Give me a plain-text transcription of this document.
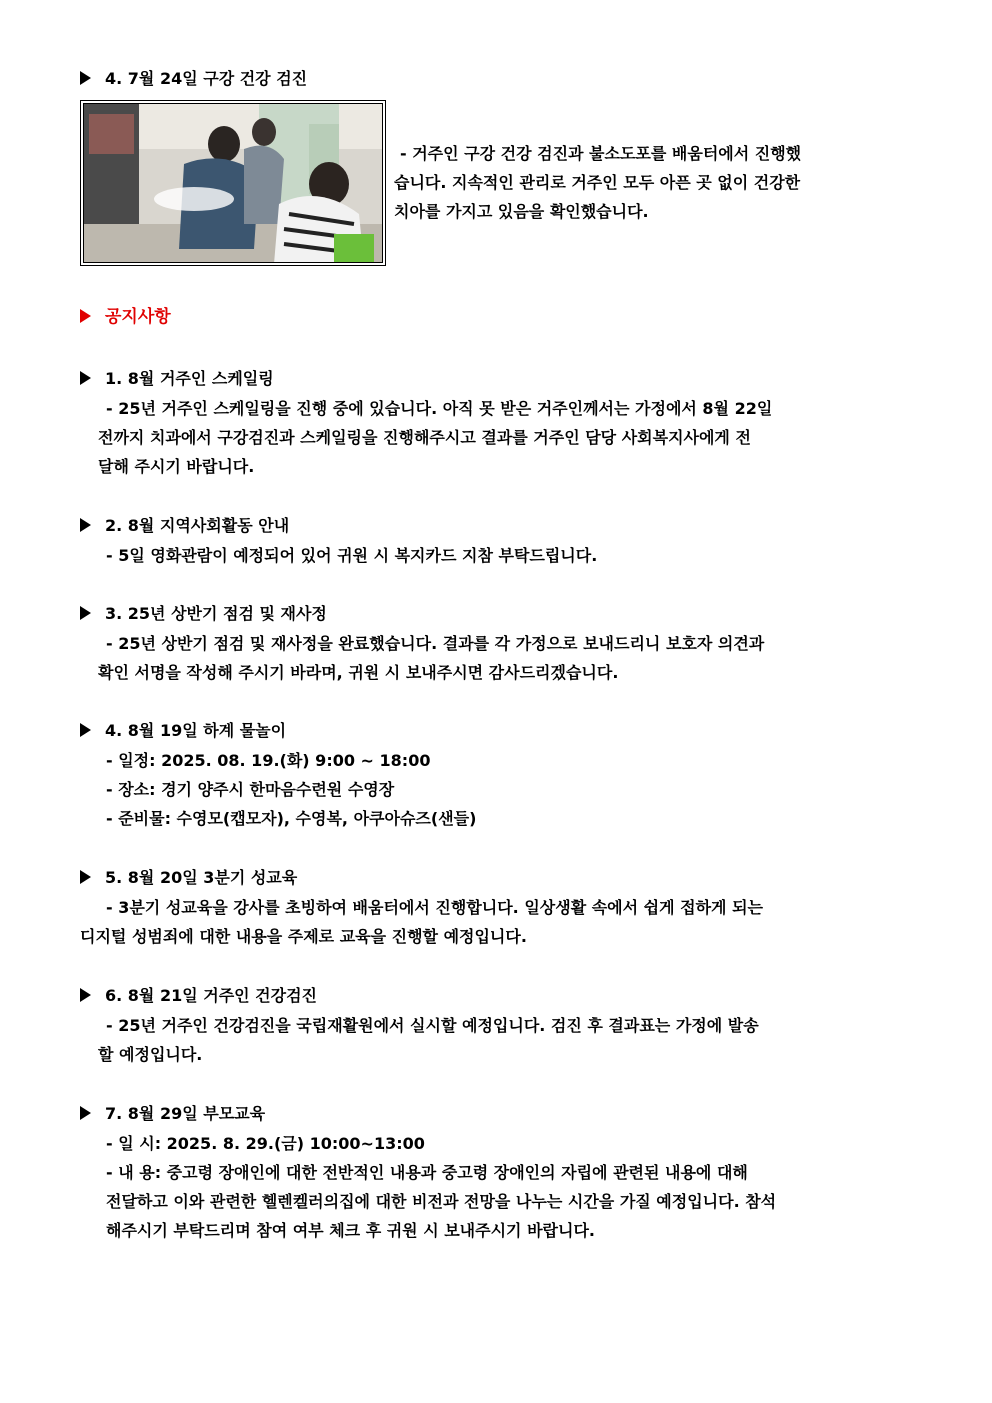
4. 7월 24일 구강 건강 검진
- 거주인 구강 건강 검진과 불소도포를 배움터에서 진행했
습니다. 지속적인 관리로 거주인 모두 아픈 곳 없이 건강한
치아를 가지고 있음을 확인했습니다.
공지사항
1. 8월 거주인 스케일링
- 25년 거주인 스케일링을 진행 중에 있습니다. 아직 못 받은 거주인께서는 가정에서 8월 22일
전까지 치과에서 구강검진과 스케일링을 진행해주시고 결과를 거주인 담당 사회복지사에게 전
달해 주시기 바랍니다.
2. 8월 지역사회활동 안내
- 5일 영화관람이 예정되어 있어 귀원 시 복지카드 지참 부탁드립니다.
3. 25년 상반기 점검 및 재사정
- 25년 상반기 점검 및 재사정을 완료했습니다. 결과를 각 가정으로 보내드리니 보호자 의견과
확인 서명을 작성해 주시기 바라며, 귀원 시 보내주시면 감사드리겠습니다.
4. 8월 19일 하계 물놀이
- 일정: 2025. 08. 19.(화) 9:00 ~ 18:00
- 장소: 경기 양주시 한마음수련원 수영장
- 준비물: 수영모(캡모자), 수영복, 아쿠아슈즈(샌들)
5. 8월 20일 3분기 성교육
- 3분기 성교육을 강사를 초빙하여 배움터에서 진행합니다. 일상생활 속에서 쉽게 접하게 되는
디지털 성범죄에 대한 내용을 주제로 교육을 진행할 예정입니다.
6. 8월 21일 거주인 건강검진
- 25년 거주인 건강검진을 국립재활원에서 실시할 예정입니다. 검진 후 결과표는 가정에 발송
할 예정입니다.
7. 8월 29일 부모교육
- 일 시: 2025. 8. 29.(금) 10:00~13:00
- 내 용: 중고령 장애인에 대한 전반적인 내용과 중고령 장애인의 자립에 관련된 내용에 대해
전달하고 이와 관련한 헬렌켈러의집에 대한 비전과 전망을 나누는 시간을 가질 예정입니다. 참석
해주시기 부탁드리며 참여 여부 체크 후 귀원 시 보내주시기 바랍니다.
